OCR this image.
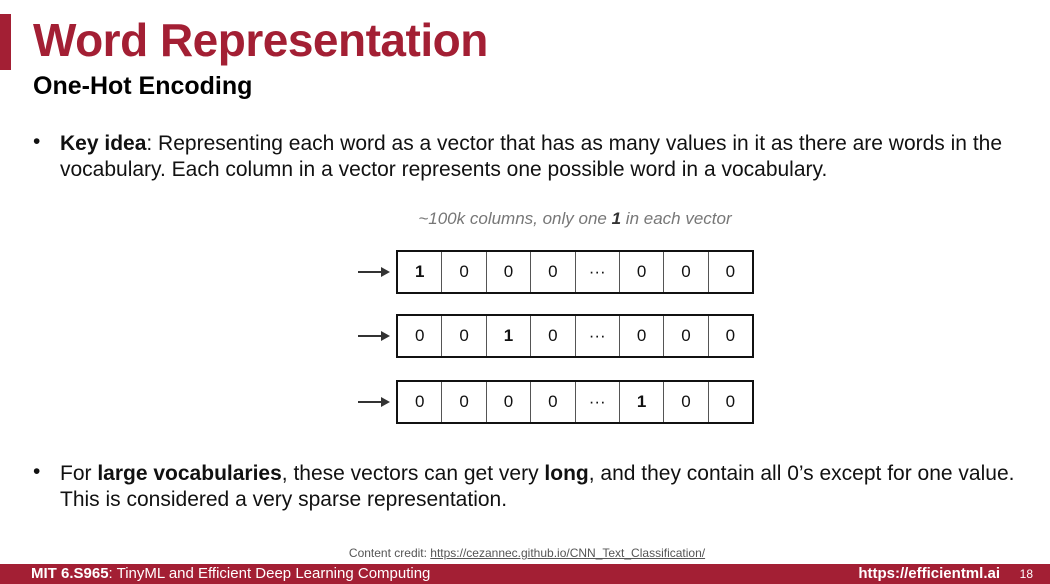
Word Representation
One-Hot Encoding
• Key idea: Representing each word as a vector that has as many values in it as there are words in the vocabulary. Each column in a vector represents one possible word in a vocabulary.
~100k columns, only one 1 in each vector
1	0	0	0	···	0	0	0
0	0	1	0	···	0	0	0
0	0	0	0	···	1	0	0
• For large vocabularies, these vectors can get very long, and they contain all 0’s except for one value. This is considered a very sparse representation.
Content credit: https://cezannec.github.io/CNN_Text_Classification/
MIT 6.S965: TinyML and Efficient Deep Learning Computing	https://efficientml.ai 18
